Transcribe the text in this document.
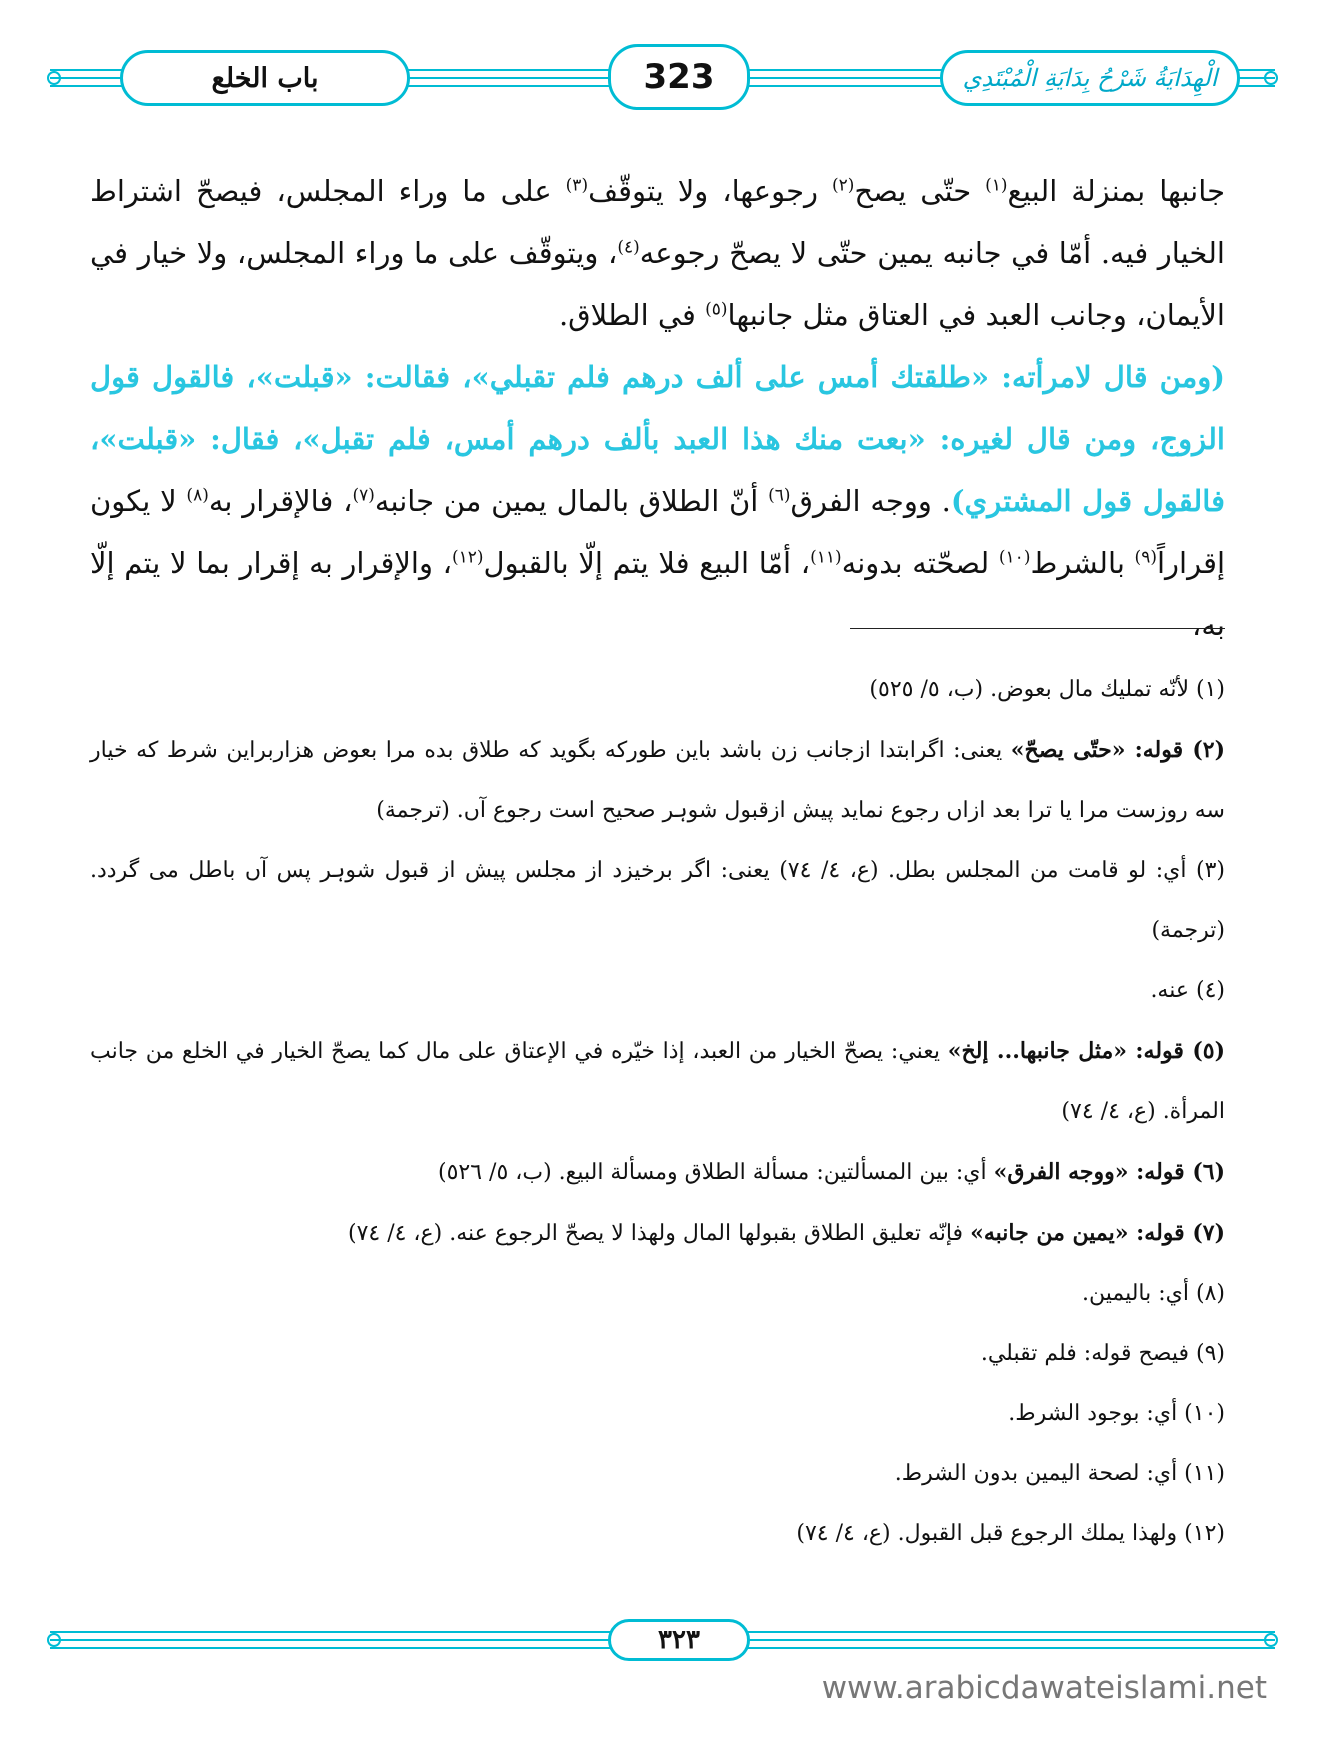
باب الخلع	323	الْهِدَايَةُ شَرْحُ بِدَايَةِ الْمُبْتَدِي

جانبها بمنزلة البيع$^{(١)}$ حتّى يصح$^{(٢)}$ رجوعها، ولا يتوقّف$^{(٣)}$ على ما وراء المجلس، فيصحّ اشتراط الخيار فيه. أمّا في جانبه يمين حتّى لا يصحّ رجوعه$^{(٤)}$، ويتوقّف على ما وراء المجلس، ولا خيار في الأيمان، وجانب العبد في العتاق مثل جانبها$^{(٥)}$ في الطلاق.

(ومن قال لامرأته: «طلقتك أمس على ألف درهم فلم تقبلي»، فقالت: «قبلت»، فالقول قول الزوج، ومن قال لغيره: «بعت منك هذا العبد بألف درهم أمس، فلم تقبل»، فقال: «قبلت»، فالقول قول المشتري). ووجه الفرق$^{(٦)}$ أنّ الطلاق بالمال يمين من جانبه$^{(٧)}$، فالإقرار به$^{(٨)}$ لا يكون إقراراً$^{(٩)}$ بالشرط$^{(١٠)}$ لصحّته بدونه$^{(١١)}$، أمّا البيع فلا يتم إلّا بالقبول$^{(١٢)}$، والإقرار به إقرار بما لا يتم إلّا به،

(١) لأنّه تمليك مال بعوض. (ب، ٥/ ٥٢٥)

(٢) قوله: «حتّى يصحّ» يعنى: اگرابتدا ازجانب زن باشد باين طوركه بگويد كه طلاق بده مرا بعوض هزاربراين شرط كه خيار سه روزست مرا يا ترا بعد ازاں رجوع نمايد پيش ازقبول شوہر صحيح است رجوع آں. (ترجمة)

(٣) أي: لو قامت من المجلس بطل. (ع، ٤/ ٧٤) يعنى: اگر برخيزد از مجلس پيش از قبول شوہر پس آں باطل مى گردد. (ترجمة)

(٤) عنه.

(٥) قوله: «مثل جانبها... إلخ» يعني: يصحّ الخيار من العبد، إذا خيّره في الإعتاق على مال كما يصحّ الخيار في الخلع من جانب المرأة. (ع، ٤/ ٧٤)

(٦) قوله: «ووجه الفرق» أي: بين المسألتين: مسألة الطلاق ومسألة البيع. (ب، ٥/ ٥٢٦)

(٧) قوله: «يمين من جانبه» فإنّه تعليق الطلاق بقبولها المال ولهذا لا يصحّ الرجوع عنه. (ع، ٤/ ٧٤)

(٨) أي: باليمين.

(٩) فيصح قوله: فلم تقبلي.

(١٠) أي: بوجود الشرط.

(١١) أي: لصحة اليمين بدون الشرط.

(١٢) ولهذا يملك الرجوع قبل القبول. (ع، ٤/ ٧٤)

٣٢٣
www.arabicdawateislami.net
